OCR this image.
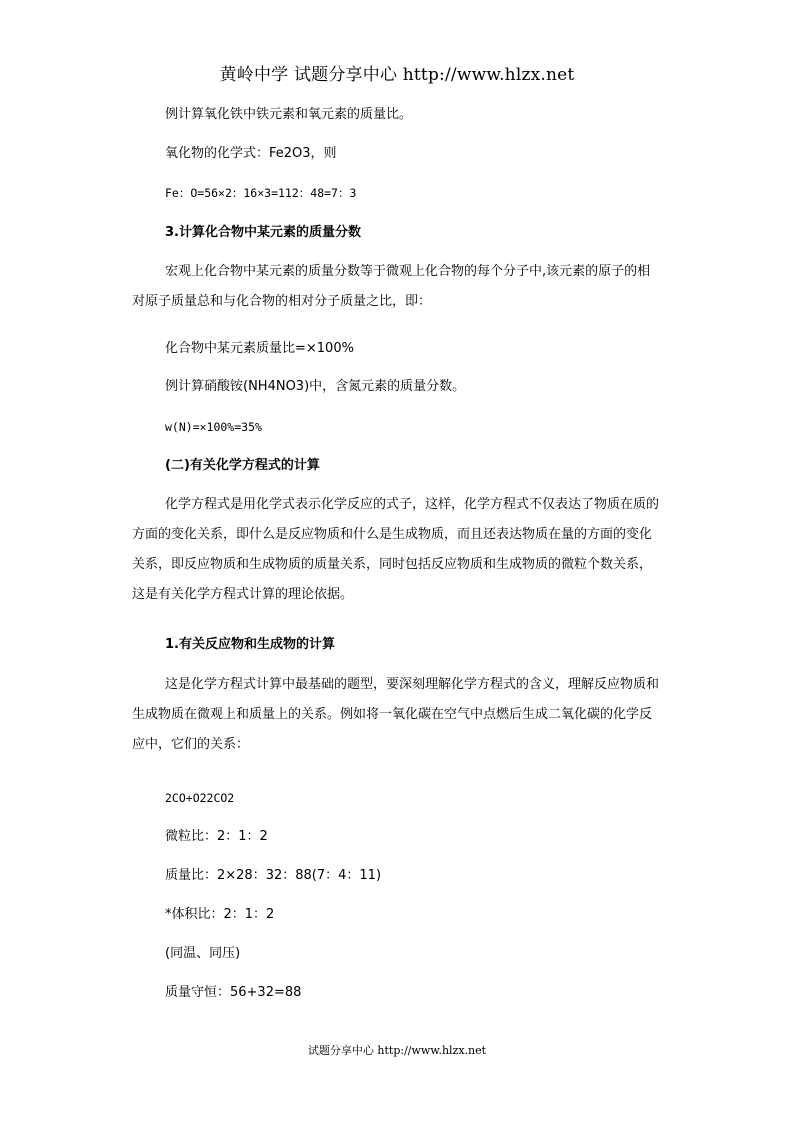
黄岭中学 试题分享中心 http://www.hlzx.net
例计算氧化铁中铁元素和氧元素的质量比。
氧化物的化学式：Fe2O3，则
Fe：O=56×2：16×3=112：48=7：3
3.计算化合物中某元素的质量分数
宏观上化合物中某元素的质量分数等于微观上化合物的每个分子中,该元素的原子的相对原子质量总和与化合物的相对分子质量之比，即：
化合物中某元素质量比=×100%
例计算硝酸铵(NH4NO3)中，含氮元素的质量分数。
w(N)=×100%=35%
(二)有关化学方程式的计算
化学方程式是用化学式表示化学反应的式子，这样，化学方程式不仅表达了物质在质的方面的变化关系，即什么是反应物质和什么是生成物质，而且还表达物质在量的方面的变化关系，即反应物质和生成物质的质量关系，同时包括反应物质和生成物质的微粒个数关系，这是有关化学方程式计算的理论依据。
1.有关反应物和生成物的计算
这是化学方程式计算中最基础的题型，要深刻理解化学方程式的含义，理解反应物质和生成物质在微观上和质量上的关系。例如将一氧化碳在空气中点燃后生成二氧化碳的化学反应中，它们的关系：
2CO+O22CO2
微粒比：2：1：2
质量比：2×28：32：88(7：4：11)
*体积比：2：1：2
(同温、同压)
质量守恒：56+32=88
试题分享中心 http://www.hlzx.net
